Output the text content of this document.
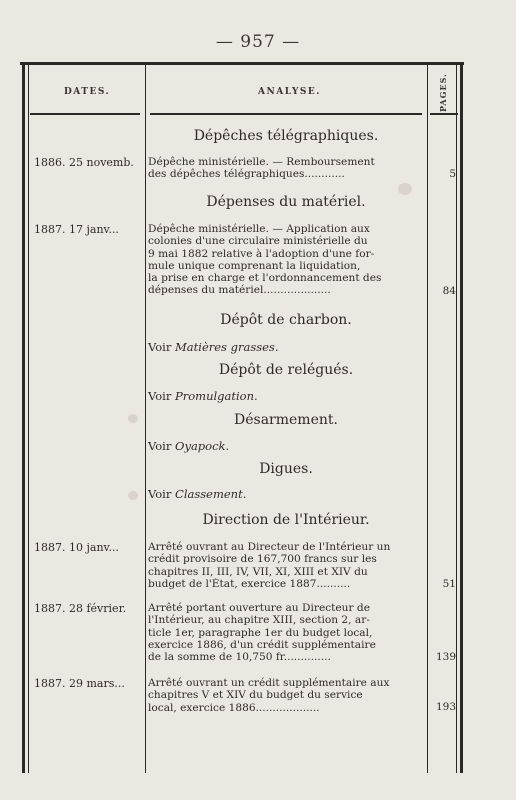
— 957 —
DATES.	ANALYSE.	PAGES.
Dépêches télégraphiques.
1886. 25 novemb.	Dépêche ministérielle. — Remboursement
des dépêches télégraphiques............	5
Dépenses du matériel.
1887. 17 janv...	Dépêche ministérielle. — Application aux
colonies d'une circulaire ministérielle du
9 mai 1882 relative à l'adoption d'une for-
mule unique comprenant la liquidation,
la prise en charge et l'ordonnancement des
dépenses du matériel....................	84
Dépôt de charbon.
Voir Matières grasses.
Dépôt de relégués.
Voir Promulgation.
Désarmement.
Voir Oyapock.
Digues.
Voir Classement.
Direction de l'Intérieur.
1887. 10 janv...	Arrêté ouvrant au Directeur de l'Intérieur un
crédit provisoire de 167,700 francs sur les
chapitres II, III, IV, VII, XI, XIII et XIV du
budget de l'État, exercice 1887..........	51
1887. 28 février.	Arrêté portant ouverture au Directeur de
l'Intérieur, au chapitre XIII, section 2, ar-
ticle 1er, paragraphe 1er du budget local,
exercice 1886, d'un crédit supplémentaire
de la somme de 10,750 fr..............	139
1887. 29 mars...	Arrêté ouvrant un crédit supplémentaire aux
chapitres V et XIV du budget du service
local, exercice 1886...................	193
